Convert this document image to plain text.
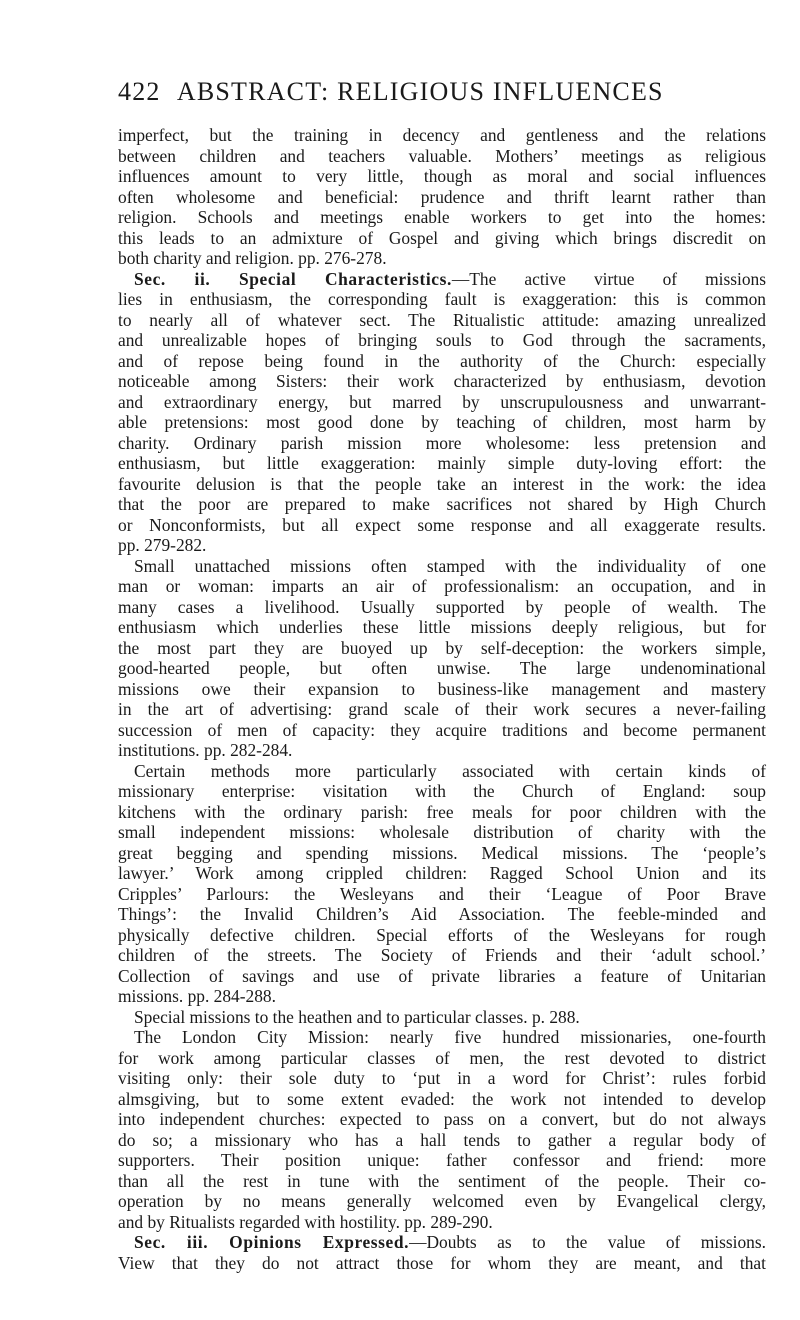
422 ABSTRACT: RELIGIOUS INFLUENCES
imperfect, but the training in decency and gentleness and the relations
between children and teachers valuable. Mothers’ meetings as religious
influences amount to very little, though as moral and social influences
often wholesome and beneficial: prudence and thrift learnt rather than
religion. Schools and meetings enable workers to get into the homes:
this leads to an admixture of Gospel and giving which brings discredit on
both charity and religion. pp. 276-278.
Sec. ii. Special Characteristics.—The active virtue of missions
lies in enthusiasm, the corresponding fault is exaggeration: this is common
to nearly all of whatever sect. The Ritualistic attitude: amazing unrealized
and unrealizable hopes of bringing souls to God through the sacraments,
and of repose being found in the authority of the Church: especially
noticeable among Sisters: their work characterized by enthusiasm, devotion
and extraordinary energy, but marred by unscrupulousness and unwarrant-
able pretensions: most good done by teaching of children, most harm by
charity. Ordinary parish mission more wholesome: less pretension and
enthusiasm, but little exaggeration: mainly simple duty-loving effort: the
favourite delusion is that the people take an interest in the work: the idea
that the poor are prepared to make sacrifices not shared by High Church
or Nonconformists, but all expect some response and all exaggerate results.
pp. 279-282.
Small unattached missions often stamped with the individuality of one
man or woman: imparts an air of professionalism: an occupation, and in
many cases a livelihood. Usually supported by people of wealth. The
enthusiasm which underlies these little missions deeply religious, but for
the most part they are buoyed up by self-deception: the workers simple,
good-hearted people, but often unwise. The large undenominational
missions owe their expansion to business-like management and mastery
in the art of advertising: grand scale of their work secures a never-failing
succession of men of capacity: they acquire traditions and become permanent
institutions. pp. 282-284.
Certain methods more particularly associated with certain kinds of
missionary enterprise: visitation with the Church of England: soup
kitchens with the ordinary parish: free meals for poor children with the
small independent missions: wholesale distribution of charity with the
great begging and spending missions. Medical missions. The ‘people’s
lawyer.’ Work among crippled children: Ragged School Union and its
Cripples’ Parlours: the Wesleyans and their ‘League of Poor Brave
Things’: the Invalid Children’s Aid Association. The feeble-minded and
physically defective children. Special efforts of the Wesleyans for rough
children of the streets. The Society of Friends and their ‘adult school.’
Collection of savings and use of private libraries a feature of Unitarian
missions. pp. 284-288.
Special missions to the heathen and to particular classes. p. 288.
The London City Mission: nearly five hundred missionaries, one-fourth
for work among particular classes of men, the rest devoted to district
visiting only: their sole duty to ‘put in a word for Christ’: rules forbid
almsgiving, but to some extent evaded: the work not intended to develop
into independent churches: expected to pass on a convert, but do not always
do so; a missionary who has a hall tends to gather a regular body of
supporters. Their position unique: father confessor and friend: more
than all the rest in tune with the sentiment of the people. Their co-
operation by no means generally welcomed even by Evangelical clergy,
and by Ritualists regarded with hostility. pp. 289-290.
Sec. iii. Opinions Expressed.—Doubts as to the value of missions.
View that they do not attract those for whom they are meant, and that
